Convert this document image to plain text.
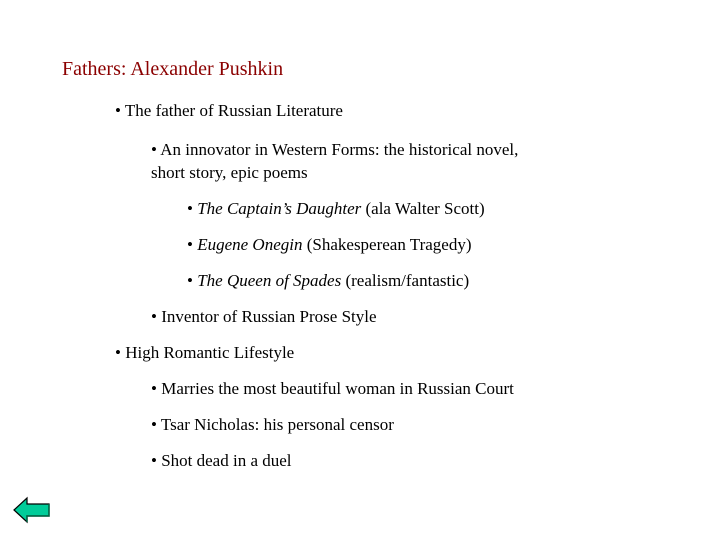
Fathers: Alexander Pushkin
• The father of Russian Literature
• An innovator in Western Forms: the historical novel,
short story, epic poems
• The Captain’s Daughter (ala Walter Scott)
• Eugene Onegin (Shakesperean Tragedy)
• The Queen of Spades (realism/fantastic)
• Inventor of Russian Prose Style
• High Romantic Lifestyle
• Marries the most beautiful woman in Russian Court
• Tsar Nicholas: his personal censor
• Shot dead in a duel
